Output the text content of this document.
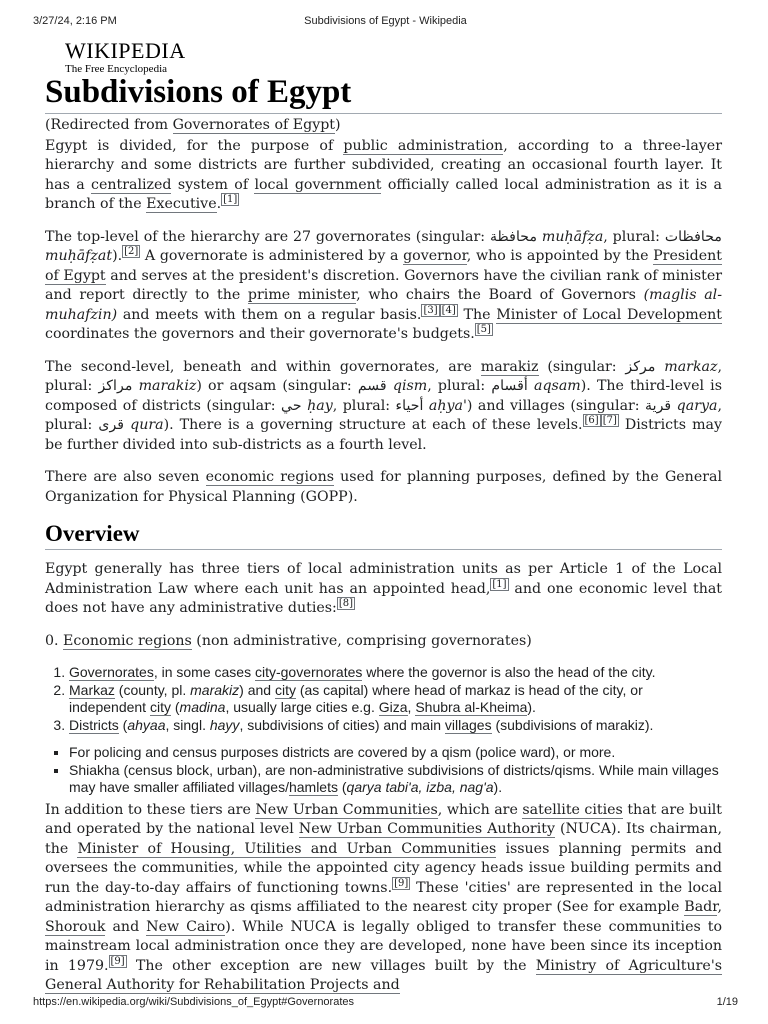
3/27/24, 2:16 PM	Subdivisions of Egypt - Wikipedia
WIKIPEDIA
The Free Encyclopedia
Subdivisions of Egypt

(Redirected from Governorates of Egypt)

Egypt is divided, for the purpose of public administration, according to a three-layer hierarchy and some districts are further subdivided, creating an occasional fourth layer. It has a centralized system of local government officially called local administration as it is a branch of the Executive. [1]

The top-level of the hierarchy are 27 governorates (singular: محافظة muḥāfẓa, plural: محافظات muḥāfẓat). [2] A governorate is administered by a governor, who is appointed by the President of Egypt and serves at the president's discretion. Governors have the civilian rank of minister and report directly to the prime minister, who chairs the Board of Governors (maglis al-muhafzin) and meets with them on a regular basis. [3] [4] The Minister of Local Development coordinates the governors and their governorate's budgets. [5]

The second-level, beneath and within governorates, are marakiz (singular: مركز markaz, plural: مراكز marakiz) or aqsam (singular: قسم qism, plural: أقسام aqsam). The third-level is composed of districts (singular: حي ḥay, plural: أحياء aḥya') and villages (singular: قرية qarya, plural: قرى qura). There is a governing structure at each of these levels. [6] [7] Districts may be further divided into sub-districts as a fourth level.

There are also seven economic regions used for planning purposes, defined by the General Organization for Physical Planning (GOPP).

Overview

Egypt generally has three tiers of local administration units as per Article 1 of the Local Administration Law where each unit has an appointed head, [1] and one economic level that does not have any administrative duties: [8]

0. Economic regions (non administrative, comprising governorates)

1. Governorates, in some cases city-governorates where the governor is also the head of the city.
2. Markaz (county, pl. marakiz) and city (as capital) where head of markaz is head of the city, or independent city (madina, usually large cities e.g. Giza, Shubra al-Kheima).
3. Districts (ahyaa, singl. hayy, subdivisions of cities) and main villages (subdivisions of marakiz).
▪ For policing and census purposes districts are covered by a qism (police ward), or more.
▪ Shiakha (census block, urban), are non-administrative subdivisions of districts/qisms. While main villages may have smaller affiliated villages/hamlets (qarya tabi'a, izba, nag'a).

In addition to these tiers are New Urban Communities, which are satellite cities that are built and operated by the national level New Urban Communities Authority (NUCA). Its chairman, the Minister of Housing, Utilities and Urban Communities issues planning permits and oversees the communities, while the appointed city agency heads issue building permits and run the day-to-day affairs of functioning towns. [9] These 'cities' are represented in the local administration hierarchy as qisms affiliated to the nearest city proper (See for example Badr, Shorouk and New Cairo). While NUCA is legally obliged to transfer these communities to mainstream local administration once they are developed, none have been since its inception in 1979. [9] The other exception are new villages built by the Ministry of Agriculture's General Authority for Rehabilitation Projects and

https://en.wikipedia.org/wiki/Subdivisions_of_Egypt#Governorates	1/19
